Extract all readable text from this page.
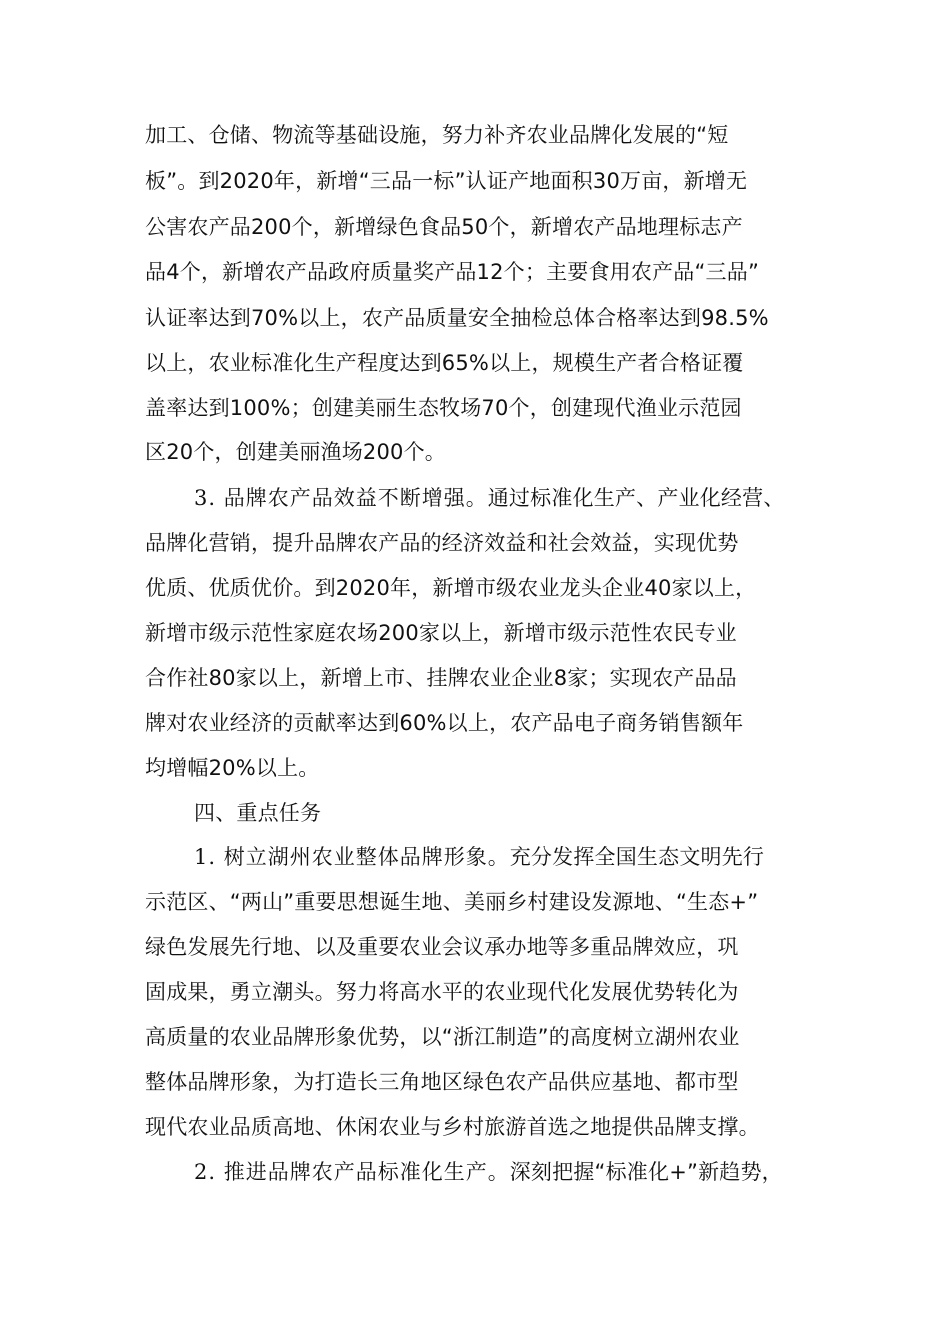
加工、仓储、物流等基础设施，努力补齐农业品牌化发展的“短
板”。到2020年，新增“三品一标”认证产地面积30万亩，新增无
公害农产品200个，新增绿色食品50个，新增农产品地理标志产
品4个，新增农产品政府质量奖产品12个；主要食用农产品“三品”
认证率达到70%以上，农产品质量安全抽检总体合格率达到98.5%
以上，农业标准化生产程度达到65%以上，规模生产者合格证覆
盖率达到100%；创建美丽生态牧场70个，创建现代渔业示范园
区20个，创建美丽渔场200个。
3. 品牌农产品效益不断增强。通过标准化生产、产业化经营、
品牌化营销，提升品牌农产品的经济效益和社会效益，实现优势
优质、优质优价。到2020年，新增市级农业龙头企业40家以上，
新增市级示范性家庭农场200家以上，新增市级示范性农民专业
合作社80家以上，新增上市、挂牌农业企业8家；实现农产品品
牌对农业经济的贡献率达到60%以上，农产品电子商务销售额年
均增幅20%以上。
四、重点任务
1. 树立湖州农业整体品牌形象。充分发挥全国生态文明先行
示范区、“两山”重要思想诞生地、美丽乡村建设发源地、“生态+”
绿色发展先行地、以及重要农业会议承办地等多重品牌效应，巩
固成果，勇立潮头。努力将高水平的农业现代化发展优势转化为
高质量的农业品牌形象优势，以“浙江制造”的高度树立湖州农业
整体品牌形象，为打造长三角地区绿色农产品供应基地、都市型
现代农业品质高地、休闲农业与乡村旅游首选之地提供品牌支撑。
2. 推进品牌农产品标准化生产。深刻把握“标准化+”新趋势，
